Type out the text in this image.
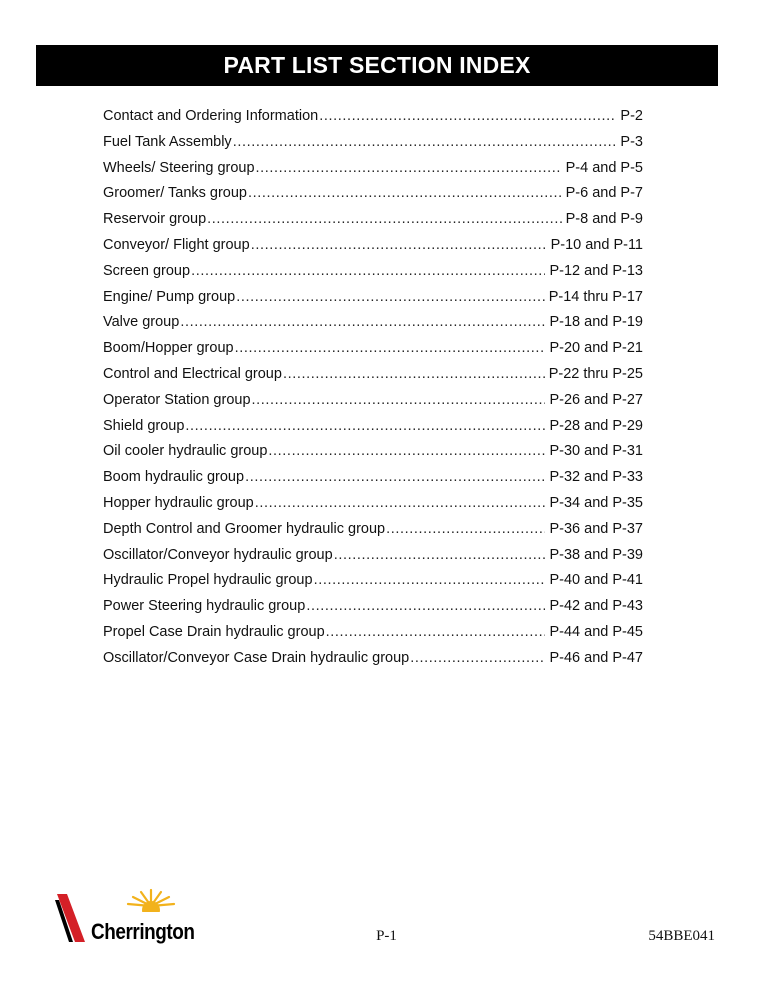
PART LIST SECTION INDEX
Contact and Ordering Information .....	P-2
Fuel Tank Assembly .....	P-3
Wheels/ Steering group .....	P-4 and P-5
Groomer/ Tanks group .....	P-6 and P-7
Reservoir group .....	P-8 and P-9
Conveyor/ Flight group .....	P-10 and P-11
Screen group .....	P-12 and P-13
Engine/ Pump group .....	P-14 thru P-17
Valve group .....	P-18 and P-19
Boom/Hopper group .....	P-20 and P-21
Control and Electrical group .....	P-22 thru P-25
Operator Station group .....	P-26 and P-27
Shield group .....	P-28 and P-29
Oil cooler hydraulic group .....	P-30 and P-31
Boom hydraulic group .....	P-32 and P-33
Hopper hydraulic group .....	P-34 and P-35
Depth Control and Groomer hydraulic group .....	P-36 and P-37
Oscillator/Conveyor hydraulic group .....	P-38 and P-39
Hydraulic Propel hydraulic group .....	P-40 and P-41
Power Steering hydraulic group .....	P-42 and P-43
Propel Case Drain hydraulic group .....	P-44 and P-45
Oscillator/Conveyor Case Drain hydraulic group .....	P-46 and P-47
Cherrington	P-1	54BBE041
